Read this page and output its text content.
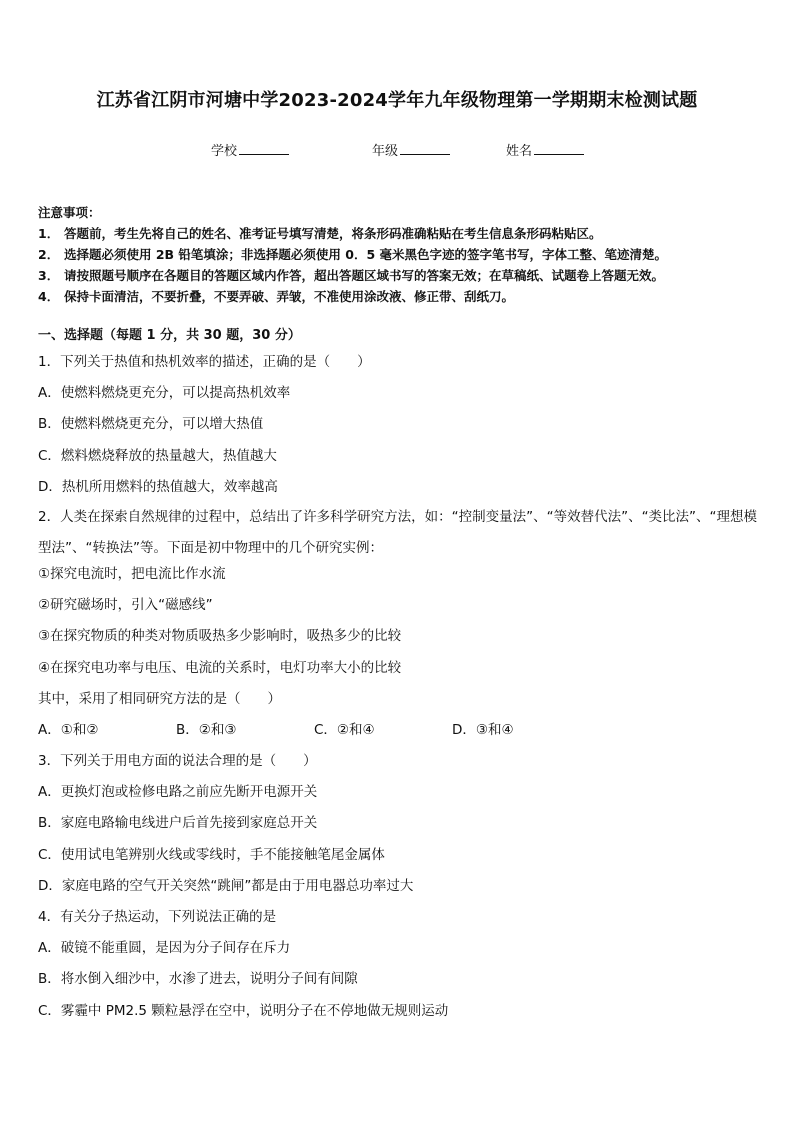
江苏省江阴市河塘中学2023-2024学年九年级物理第一学期期末检测试题
学校	年级	姓名
注意事项：
1． 答题前，考生先将自己的姓名、准考证号填写清楚，将条形码准确粘贴在考生信息条形码粘贴区。
2． 选择题必须使用 2B 铅笔填涂；非选择题必须使用 0．5 毫米黑色字迹的签字笔书写，字体工整、笔迹清楚。
3． 请按照题号顺序在各题目的答题区域内作答，超出答题区域书写的答案无效；在草稿纸、试题卷上答题无效。
4． 保持卡面清洁，不要折叠，不要弄破、弄皱，不准使用涂改液、修正带、刮纸刀。
一、选择题（每题 1 分，共 30 题，30 分）
1．下列关于热值和热机效率的描述，正确的是（　　）
A．使燃料燃烧更充分，可以提高热机效率
B．使燃料燃烧更充分，可以增大热值
C．燃料燃烧释放的热量越大，热值越大
D．热机所用燃料的热值越大，效率越高
2．人类在探索自然规律的过程中，总结出了许多科学研究方法，如：“控制变量法”、“等效替代法”、“类比法”、“理想模型法”、“转换法”等。下面是初中物理中的几个研究实例：
①探究电流时，把电流比作水流
②研究磁场时，引入“磁感线”
③在探究物质的种类对物质吸热多少影响时，吸热多少的比较
④在探究电功率与电压、电流的关系时，电灯功率大小的比较
其中，采用了相同研究方法的是（　　）
A．①和②	B．②和③	C．②和④	D．③和④
3．下列关于用电方面的说法合理的是（　　）
A．更换灯泡或检修电路之前应先断开电源开关
B．家庭电路输电线进户后首先接到家庭总开关
C．使用试电笔辨别火线或零线时，手不能接触笔尾金属体
D．家庭电路的空气开关突然“跳闸”都是由于用电器总功率过大
4．有关分子热运动，下列说法正确的是
A．破镜不能重圆，是因为分子间存在斥力
B．将水倒入细沙中，水渗了进去，说明分子间有间隙
C．雾霾中 PM2.5 颗粒悬浮在空中，说明分子在不停地做无规则运动
